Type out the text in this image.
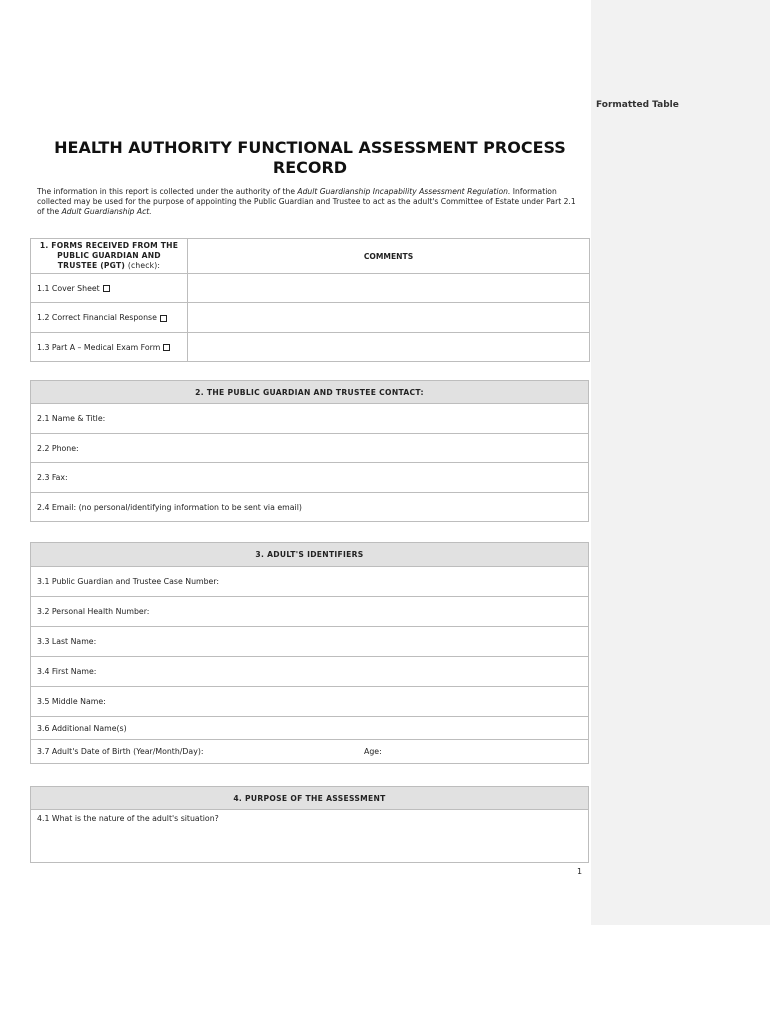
Formatted Table
HEALTH AUTHORITY FUNCTIONAL ASSESSMENT PROCESS RECORD
The information in this report is collected under the authority of the Adult Guardianship Incapability Assessment Regulation. Information collected may be used for the purpose of appointing the Public Guardian and Trustee to act as the adult's Committee of Estate under Part 2.1 of the Adult Guardianship Act.
1. FORMS RECEIVED FROM THE PUBLIC GUARDIAN AND TRUSTEE (PGT) (check):	COMMENTS
1.1 Cover Sheet	
1.2 Correct Financial Response	
1.3 Part A – Medical Exam Form	
2. THE PUBLIC GUARDIAN AND TRUSTEE CONTACT:
2.1 Name & Title:
2.2 Phone:
2.3 Fax:
2.4 Email: (no personal/identifying information to be sent via email)
3. ADULT'S IDENTIFIERS
3.1 Public Guardian and Trustee Case Number:
3.2 Personal Health Number:
3.3 Last Name:
3.4 First Name:
3.5 Middle Name:
3.6 Additional Name(s)
3.7 Adult's Date of Birth (Year/Month/Day):	Age:
4. PURPOSE OF THE ASSESSMENT
4.1 What is the nature of the adult's situation?
1
